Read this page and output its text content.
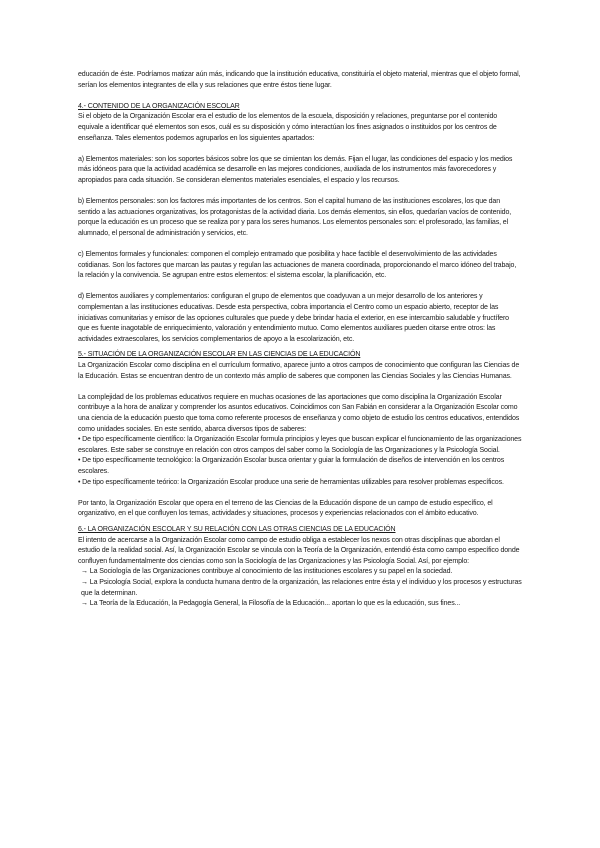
educación de éste. Podríamos matizar aún más, indicando que la institución educativa, constituiría el objeto material, mientras que el objeto formal, serían los elementos integrantes de ella y sus relaciones que entre éstos tiene lugar.

4.- CONTENIDO DE LA ORGANIZACIÓN ESCOLAR

Si el objeto de la Organización Escolar era el estudio de los elementos de la escuela, disposición y relaciones, preguntarse por el contenido equivale a identificar qué elementos son esos, cuál es su disposición y cómo interactúan los fines asignados o instituidos por los centros de enseñanza. Tales elementos podemos agruparlos en los siguientes apartados:

a) Elementos materiales: son los soportes básicos sobre los que se cimientan los demás. Fijan el lugar, las condiciones del espacio y los medios más idóneos para que la actividad académica se desarrolle en las mejores condiciones, auxiliada de los instrumentos más favorecedores y apropiados para cada situación. Se consideran elementos materiales esenciales, el espacio y los recursos.

b) Elementos personales: son los factores más importantes de los centros. Son el capital humano de las instituciones escolares, los que dan sentido a las actuaciones organizativas, los protagonistas de la actividad diaria. Los demás elementos, sin ellos, quedarían vacíos de contenido, porque la educación es un proceso que se realiza por y para los seres humanos. Los elementos personales son: el profesorado, las familias, el alumnado, el personal de administración y servicios, etc.

c) Elementos formales y funcionales: componen el complejo entramado que posibilita y hace factible el desenvolvimiento de las actividades cotidianas. Son los factores que marcan las pautas y regulan las actuaciones de manera coordinada, proporcionando el marco idóneo del trabajo, la relación y la convivencia. Se agrupan entre estos elementos: el sistema escolar, la planificación, etc.

d) Elementos auxiliares y complementarios: configuran el grupo de elementos que coadyuvan a un mejor desarrollo de los anteriores y complementan a las instituciones educativas. Desde esta perspectiva, cobra importancia el Centro como un espacio abierto, receptor de las iniciativas comunitarias y emisor de las opciones culturales que puede y debe brindar hacia el exterior, en ese intercambio saludable y fructífero que es fuente inagotable de enriquecimiento, valoración y entendimiento mutuo. Como elementos auxiliares pueden citarse entre otros: las actividades extraescolares, los servicios complementarios de apoyo a la escolarización, etc.

5.- SITUACIÓN DE LA ORGANIZACIÓN ESCOLAR EN LAS CIENCIAS DE LA EDUCACIÓN

La Organización Escolar como disciplina en el currículum formativo, aparece junto a otros campos de conocimiento que configuran las Ciencias de la Educación. Estas se encuentran dentro de un contexto más amplio de saberes que componen las Ciencias Sociales y las Ciencias Humanas.

La complejidad de los problemas educativos requiere en muchas ocasiones de las aportaciones que como disciplina la Organización Escolar contribuye a la hora de analizar y comprender los asuntos educativos. Coincidimos con San Fabián en considerar a la Organización Escolar como una ciencia de la educación puesto que toma como referente procesos de enseñanza y como objeto de estudio los centros educativos, entendidos como unidades sociales. En este sentido, abarca diversos tipos de saberes:

• De tipo específicamente científico: la Organización Escolar formula principios y leyes que buscan explicar el funcionamiento de las organizaciones escolares. Este saber se construye en relación con otros campos del saber como la Sociología de las Organizaciones y la Psicología Social.

• De tipo específicamente tecnológico: la Organización Escolar busca orientar y guiar la formulación de diseños de intervención en los centros escolares.

• De tipo específicamente teórico: la Organización Escolar produce una serie de herramientas utilizables para resolver problemas específicos.

Por tanto, la Organización Escolar que opera en el terreno de las Ciencias de la Educación dispone de un campo de estudio específico, el organizativo, en el que confluyen los temas, actividades y situaciones, procesos y experiencias relacionados con el ámbito educativo.

6.- LA ORGANIZACIÓN ESCOLAR Y SU RELACIÓN CON LAS OTRAS CIENCIAS DE LA EDUCACIÓN

El intento de acercarse a la Organización Escolar como campo de estudio obliga a establecer los nexos con otras disciplinas que abordan el estudio de la realidad social. Así, la Organización Escolar se vincula con la Teoría de la Organización, entendió ésta como campo específico donde confluyen fundamentalmente dos ciencias como son la Sociología de las Organizaciones y las Psicología Social. Así, por ejemplo:

→ La Sociología de las Organizaciones contribuye al conocimiento de las instituciones escolares y su papel en la sociedad.

→ La Psicología Social, explora la conducta humana dentro de la organización, las relaciones entre ésta y el individuo y los procesos y estructuras que la determinan.

→ La Teoría de la Educación, la Pedagogía General, la Filosofía de la Educación... aportan lo que es la educación, sus fines...
